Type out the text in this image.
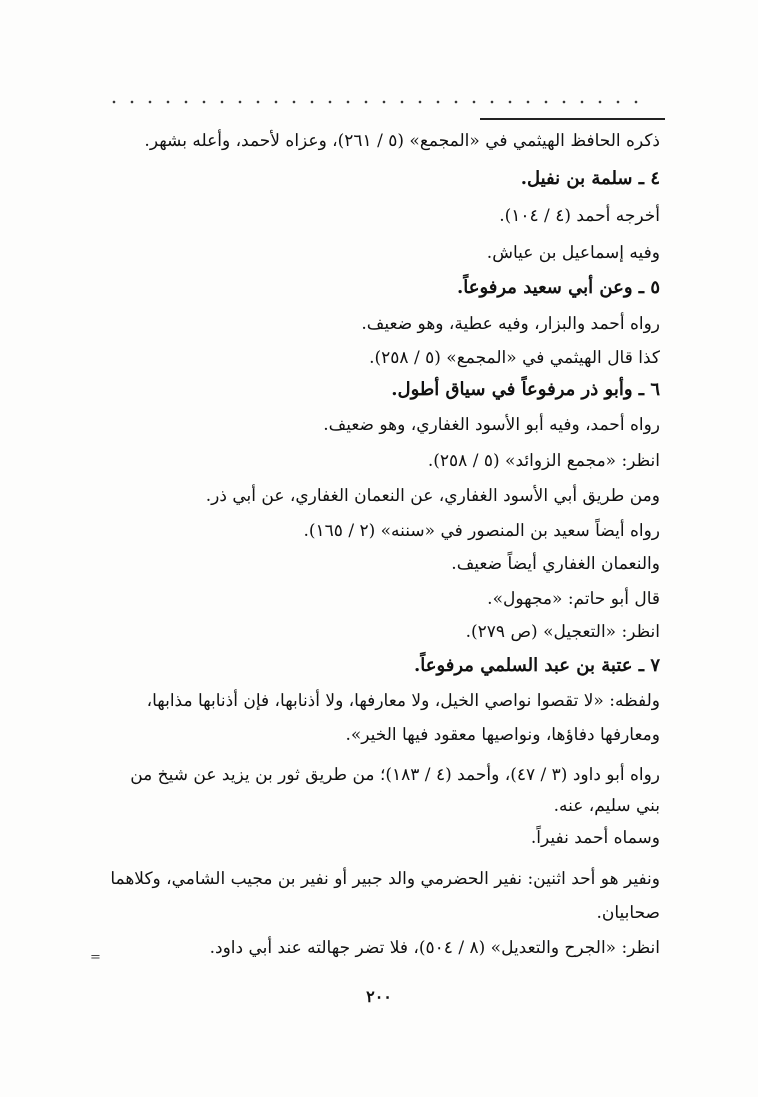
=
ذكره الحافظ الهيثمي في «المجمع» (٥ / ٢٦١)، وعزاه لأحمد، وأعله بشهر.
٤ ـ سلمة بن نفيل.
أخرجه أحمد (٤ / ١٠٤).
وفيه إسماعيل بن عياش.
٥ ـ وعن أبي سعيد مرفوعاً.
رواه أحمد والبزار، وفيه عطية، وهو ضعيف.
كذا قال الهيثمي في «المجمع» (٥ / ٢٥٨).
٦ ـ وأبو ذر مرفوعاً في سياق أطول.
رواه أحمد، وفيه أبو الأسود الغفاري، وهو ضعيف.
انظر: «مجمع الزوائد» (٥ / ٢٥٨).
ومن طريق أبي الأسود الغفاري، عن النعمان الغفاري، عن أبي ذر.
رواه أيضاً سعيد بن المنصور في «سننه» (٢ / ١٦٥).
والنعمان الغفاري أيضاً ضعيف.
قال أبو حاتم: «مجهول».
انظر: «التعجيل» (ص ٢٧٩).
٧ ـ عتبة بن عبد السلمي مرفوعاً.
ولفظه: «لا تقصوا نواصي الخيل، ولا معارفها، ولا أذنابها، فإن أذنابها مذابها،
ومعارفها دفاؤها، ونواصيها معقود فيها الخير».
رواه أبو داود (٣ / ٤٧)، وأحمد (٤ / ١٨٣)؛ من طريق ثور بن يزيد عن شيخ من
بني سليم، عنه.
وسماه أحمد نفيراً.
ونفير هو أحد اثنين: نفير الحضرمي والد جبير أو نفير بن مجيب الشامي، وكلاهما
صحابيان.
انظر: «الجرح والتعديل» (٨ / ٥٠٤)، فلا تضر جهالته عند أبي داود.
٢٠٠
